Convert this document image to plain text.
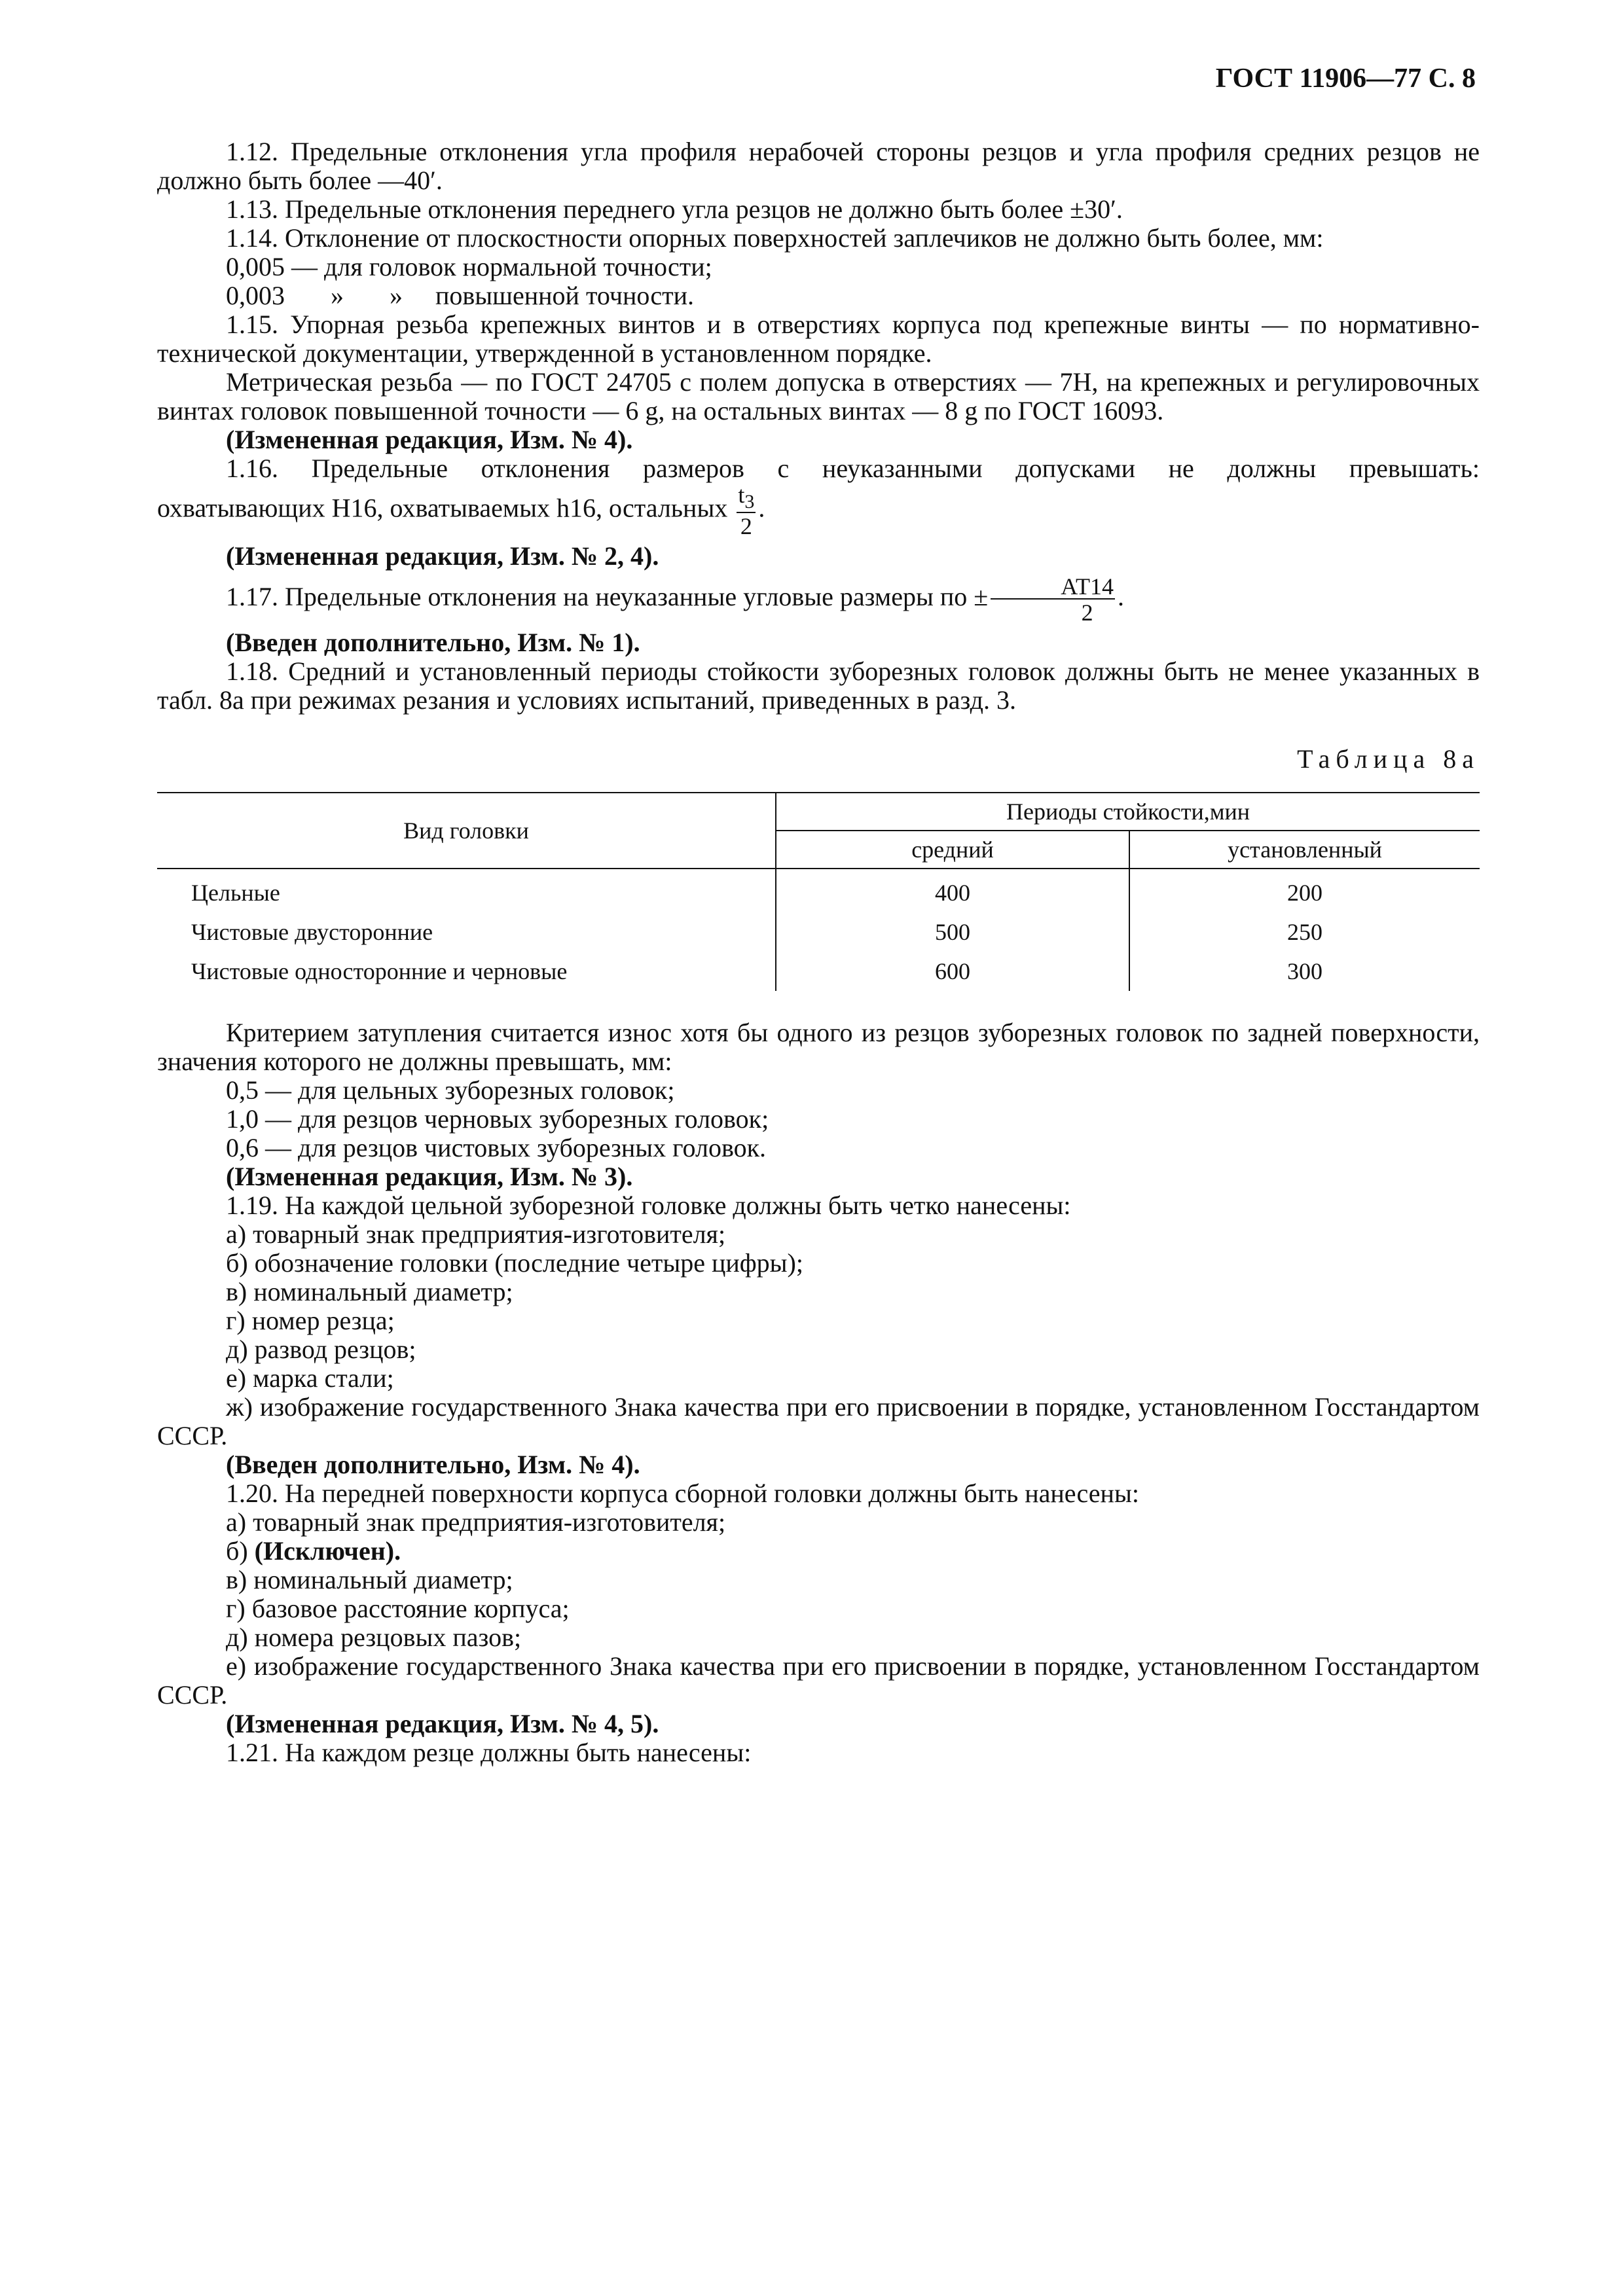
ГОСТ 11906—77 С. 8

1.12. Предельные отклонения угла профиля нерабочей стороны резцов и угла профиля средних резцов не должно быть более —40′.

1.13. Предельные отклонения переднего угла резцов не должно быть более ±30′.

1.14. Отклонение от плоскостности опорных поверхностей заплечиков не должно быть более, мм:

0,005 — для головок нормальной точности;

0,003       »       »     повышенной точности.

1.15. Упорная резьба крепежных винтов и в отверстиях корпуса под крепежные винты — по нормативно-технической документации, утвержденной в установленном порядке.

Метрическая резьба — по ГОСТ 24705 с полем допуска в отверстиях — 7Н, на крепежных и регулировочных винтах головок повышенной точности — 6 g, на остальных винтах — 8 g по ГОСТ 16093.

(Измененная редакция, Изм. № 4).

1.16. Предельные отклонения размеров с неуказанными допусками не должны превышать:

охватывающих Н16, охватываемых h16, остальных $\frac{t_3}{2}$ .

(Измененная редакция, Изм. № 2, 4).

1.17. Предельные отклонения на неуказанные угловые размеры по ± $\frac{АТ14}{2}$ .

(Введен дополнительно, Изм. № 1).

1.18. Средний и установленный периоды стойкости зуборезных головок должны быть не менее указанных в табл. 8а при режимах резания и условиях испытаний, приведенных в разд. 3.

Таблица 8а
Вид головки	Периоды стойкости,мин	
	средний	установленный
Цельные	400	200
Чистовые двусторонние	500	250
Чистовые односторонние и черновые	600	300

Критерием затупления считается износ хотя бы одного из резцов зуборезных головок по задней поверхности, значения которого не должны превышать, мм:

0,5 — для цельных зуборезных головок;

1,0 — для резцов черновых зуборезных головок;

0,6 — для резцов чистовых зуборезных головок.

(Измененная редакция, Изм. № 3).

1.19. На каждой цельной зуборезной головке должны быть четко нанесены:

а) товарный знак предприятия-изготовителя;

б) обозначение головки (последние четыре цифры);

в) номинальный диаметр;

г) номер резца;

д) развод резцов;

е) марка стали;

ж) изображение государственного Знака качества при его присвоении в порядке, установленном Госстандартом СССР.

(Введен дополнительно, Изм. № 4).

1.20. На передней поверхности корпуса сборной головки должны быть нанесены:

а) товарный знак предприятия-изготовителя;

б) (Исключен).

в) номинальный диаметр;

г) базовое расстояние корпуса;

д) номера резцовых пазов;

е) изображение государственного Знака качества при его присвоении в порядке, установленном Госстандартом СССР.

(Измененная редакция, Изм. № 4, 5).

1.21. На каждом резце должны быть нанесены:
